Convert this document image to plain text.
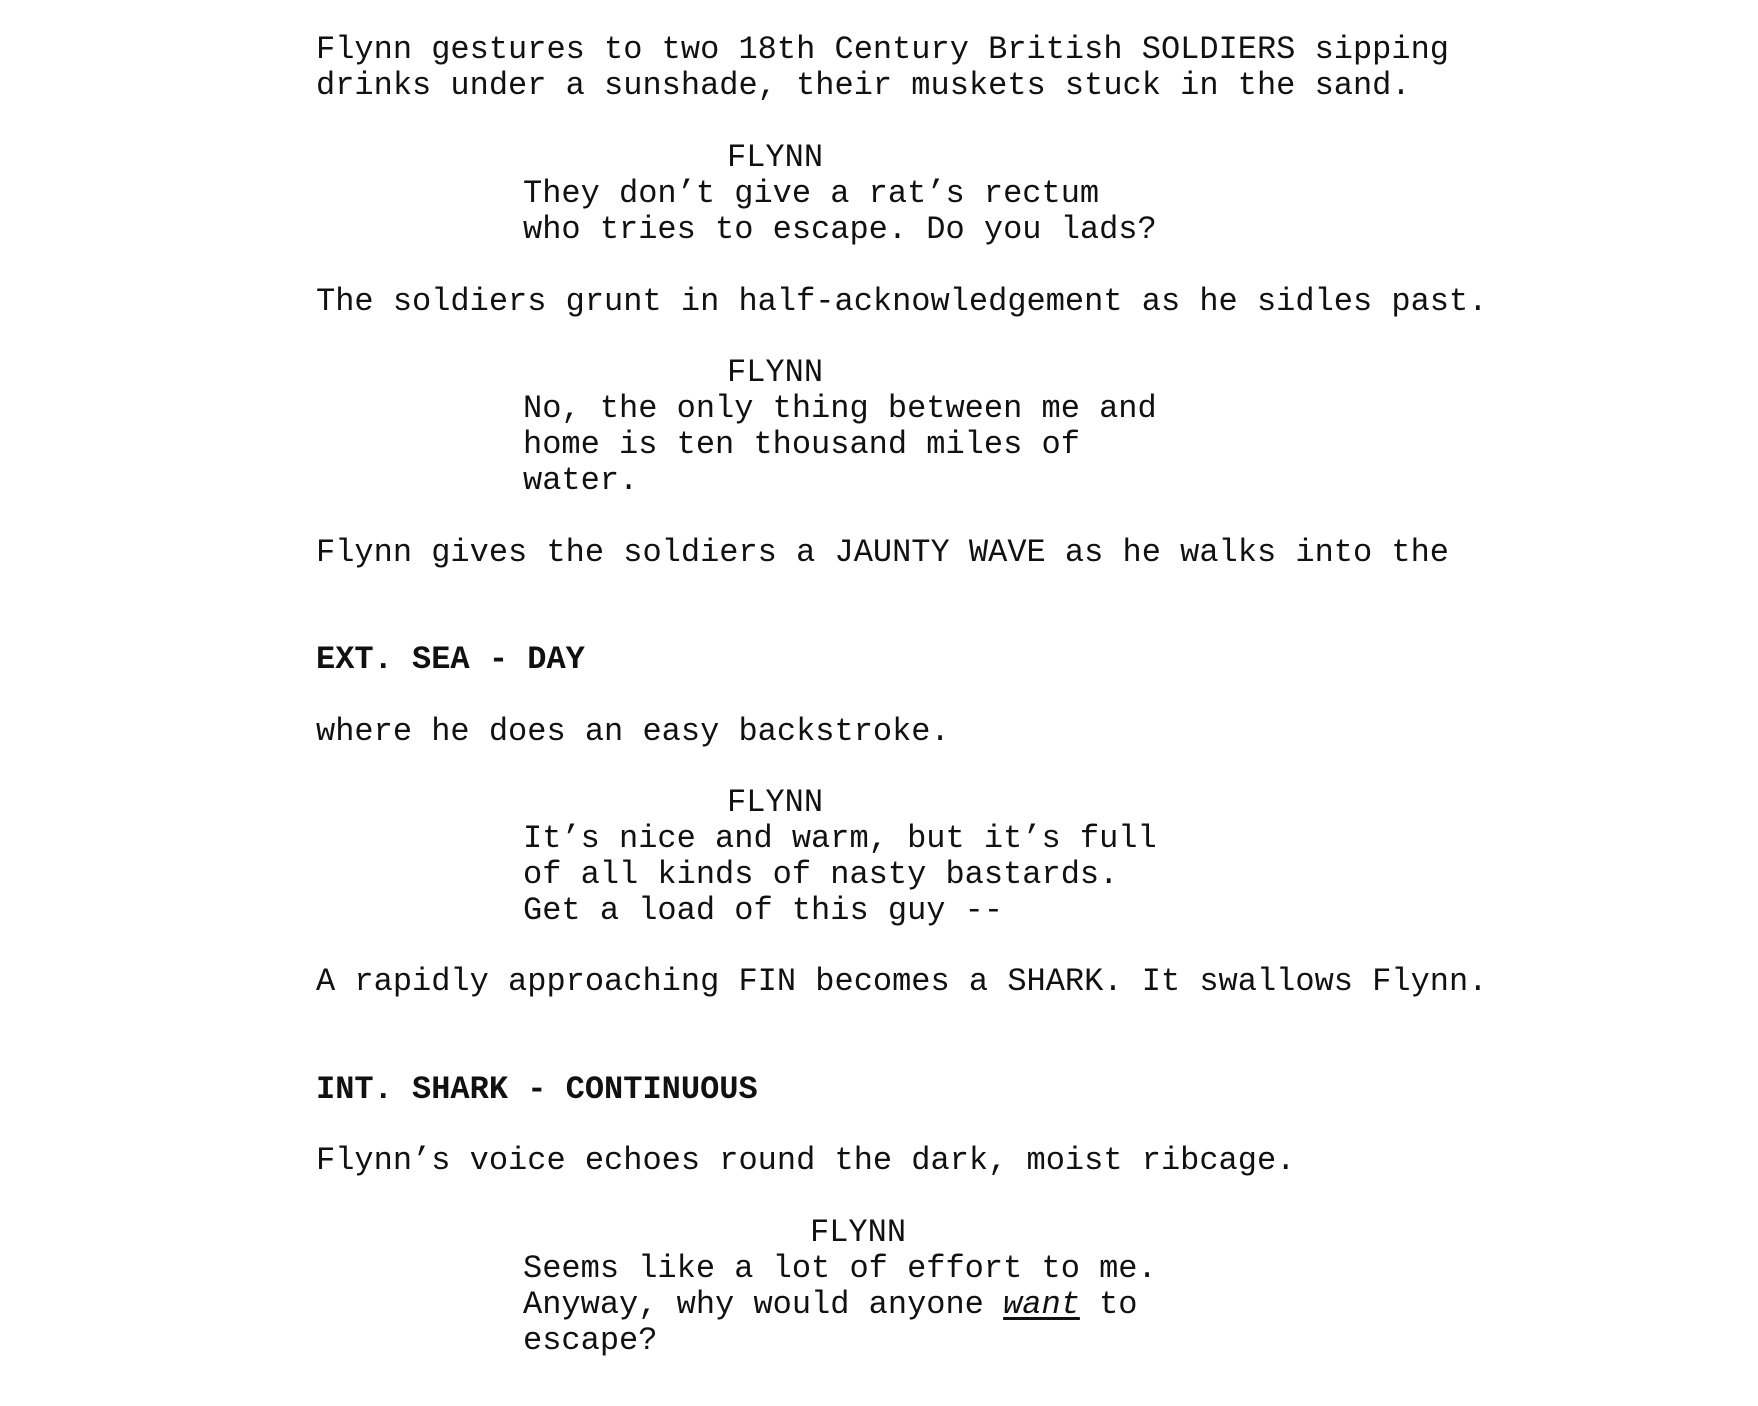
Flynn gestures to two 18th Century British SOLDIERS sipping
drinks under a sunshade, their muskets stuck in the sand.
FLYNN
They don’t give a rat’s rectum
who tries to escape. Do you lads?
The soldiers grunt in half-acknowledgement as he sidles past.
FLYNN
No, the only thing between me and
home is ten thousand miles of
water.
Flynn gives the soldiers a JAUNTY WAVE as he walks into the
EXT. SEA - DAY
where he does an easy backstroke.
FLYNN
It’s nice and warm, but it’s full
of all kinds of nasty bastards.
Get a load of this guy --
A rapidly approaching FIN becomes a SHARK. It swallows Flynn.
INT. SHARK - CONTINUOUS
Flynn’s voice echoes round the dark, moist ribcage.
FLYNN
Seems like a lot of effort to me.
Anyway, why would anyone want to
escape?
